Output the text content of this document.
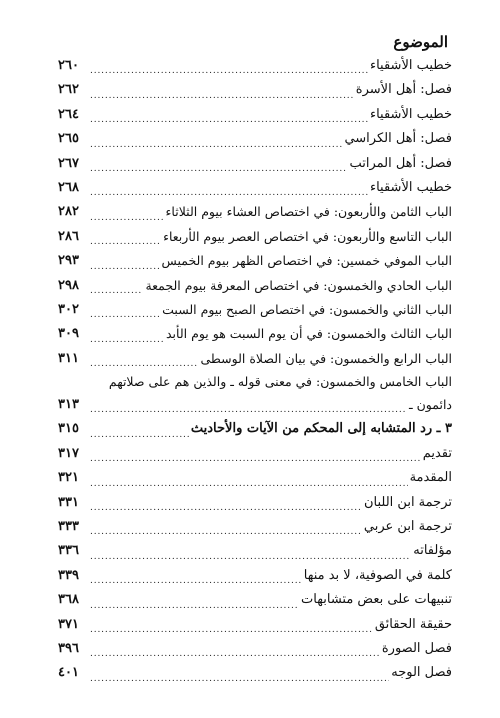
الموضوع
خطيب الأشقياء
. . .
٢٦٠
فصل: أهل الأسرة
. . .
٢٦٢
خطيب الأشقياء
. . .
٢٦٤
فصل: أهل الكراسي
. . .
٢٦٥
فصل: أهل المراتب
. . .
٢٦٧
خطيب الأشقياء
. . .
٢٦٨
الباب الثامن والأربعون: في اختصاص العشاء بيوم الثلاثاء
. . .
٢٨٢
الباب التاسع والأربعون: في اختصاص العصر بيوم الأربعاء
. . .
٢٨٦
الباب الموفي خمسين: في اختصاص الظهر بيوم الخميس
. . .
٢٩٣
الباب الحادي والخمسون: في اختصاص المعرفة بيوم الجمعة
. . .
٢٩٨
الباب الثاني والخمسون: في اختصاص الصبح بيوم السبت
. . .
٣٠٢
الباب الثالث والخمسون: في أن يوم السبت هو يوم الأبد
. . .
٣٠٩
الباب الرابع والخمسون: في بيان الصلاة الوسطى
. . .
٣١١
الباب الخامس والخمسون: في معنى قوله ـ والذين هم على صلاتهم
دائمون ـ
. . .
٣١٣
٣ ـ رد المتشابه إلى المحكم من الآيات والأحاديث
. . .
٣١٥
تقديم
. . .
٣١٧
المقدمة
. . .
٣٢١
ترجمة ابن اللبان
. . .
٣٣١
ترجمة ابن عربي
. . .
٣٣٣
مؤلفاته
. . .
٣٣٦
كلمة في الصوفية، لا بد منها
. . .
٣٣٩
تنبيهات على بعض متشابهات
. . .
٣٦٨
حقيقة الحقائق
. . .
٣٧١
فصل الصورة
. . .
٣٩٦
فصل الوجه
. . .
٤٠١
